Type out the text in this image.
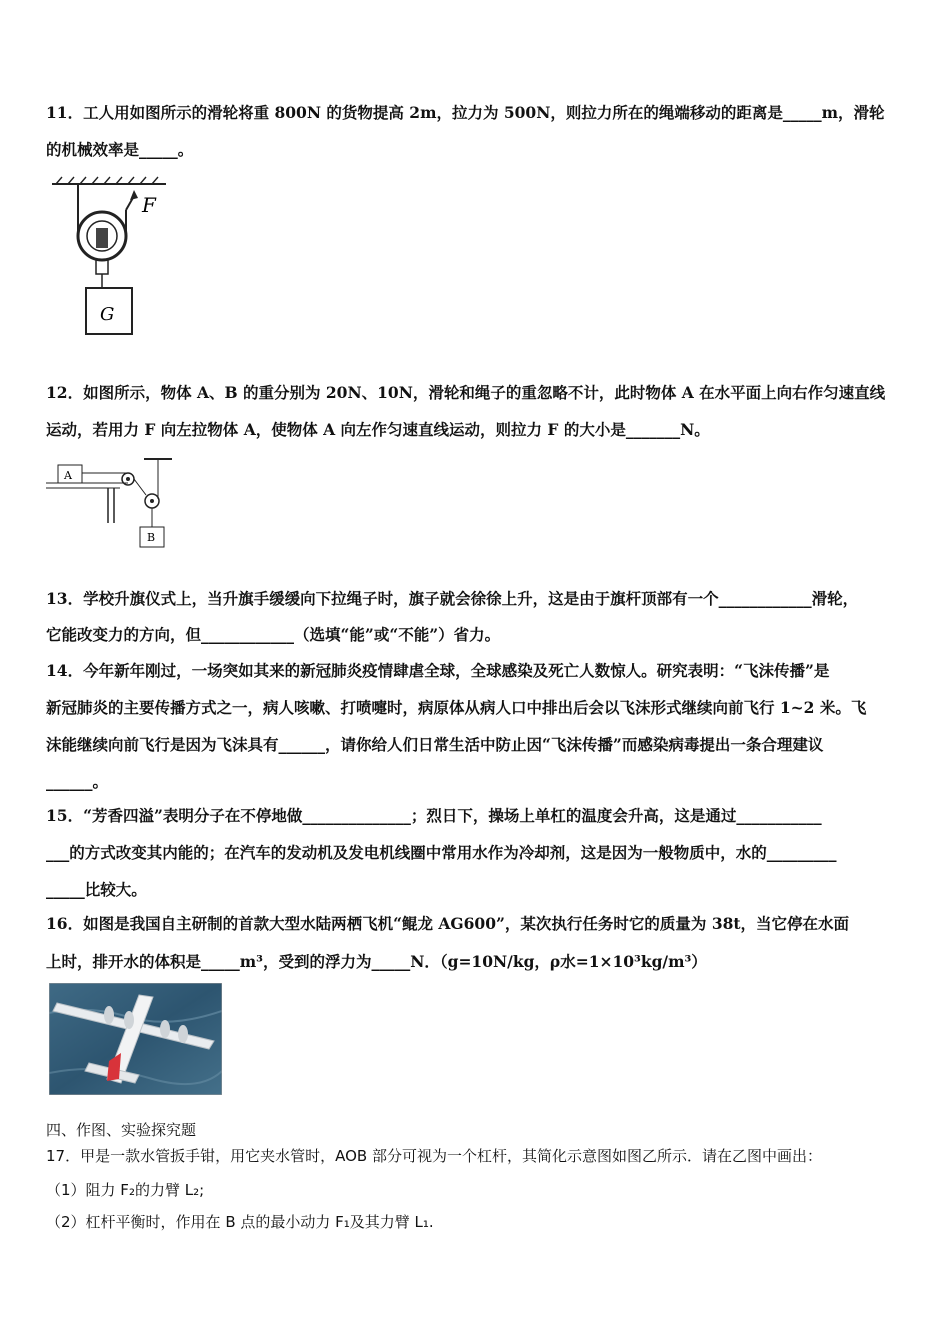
11．工人用如图所示的滑轮将重 800N 的货物提高 2m，拉力为 500N，则拉力所在的绳端移动的距离是_____m，滑轮
的机械效率是_____。
F
G
12．如图所示，物体 A、B 的重分别为 20N、10N，滑轮和绳子的重忽略不计，此时物体 A 在水平面上向右作匀速直线
运动，若用力 F 向左拉物体 A，使物体 A 向左作匀速直线运动，则拉力 F 的大小是_______N。
A
B
13．学校升旗仪式上，当升旗手缓缓向下拉绳子时，旗子就会徐徐上升，这是由于旗杆顶部有一个____________滑轮，
它能改变力的方向，但____________（选填“能”或“不能”）省力。
14．今年新年刚过，一场突如其来的新冠肺炎疫情肆虐全球，全球感染及死亡人数惊人。研究表明：“飞沫传播”是
新冠肺炎的主要传播方式之一，病人咳嗽、打喷嚏时，病原体从病人口中排出后会以飞沫形式继续向前飞行 1~2 米。飞
沫能继续向前飞行是因为飞沫具有______，请你给人们日常生活中防止因“飞沫传播”而感染病毒提出一条合理建议
______。
15．“芳香四溢”表明分子在不停地做______________；烈日下，操场上单杠的温度会升高，这是通过___________
___的方式改变其内能的；在汽车的发动机及发电机线圈中常用水作为冷却剂，这是因为一般物质中，水的_________
_____比较大。
16．如图是我国自主研制的首款大型水陆两栖飞机“鲲龙 AG600”，某次执行任务时它的质量为 38t，当它停在水面
上时，排开水的体积是_____m³，受到的浮力为_____N．（g=10N/kg，ρ水=1×10³kg/m³）
四、作图、实验探究题
17．甲是一款水管扳手钳，用它夹水管时，AOB 部分可视为一个杠杆，其简化示意图如图乙所示．请在乙图中画出：
（1）阻力 F₂的力臂 L₂;
（2）杠杆平衡时，作用在 B 点的最小动力 F₁及其力臂 L₁.
